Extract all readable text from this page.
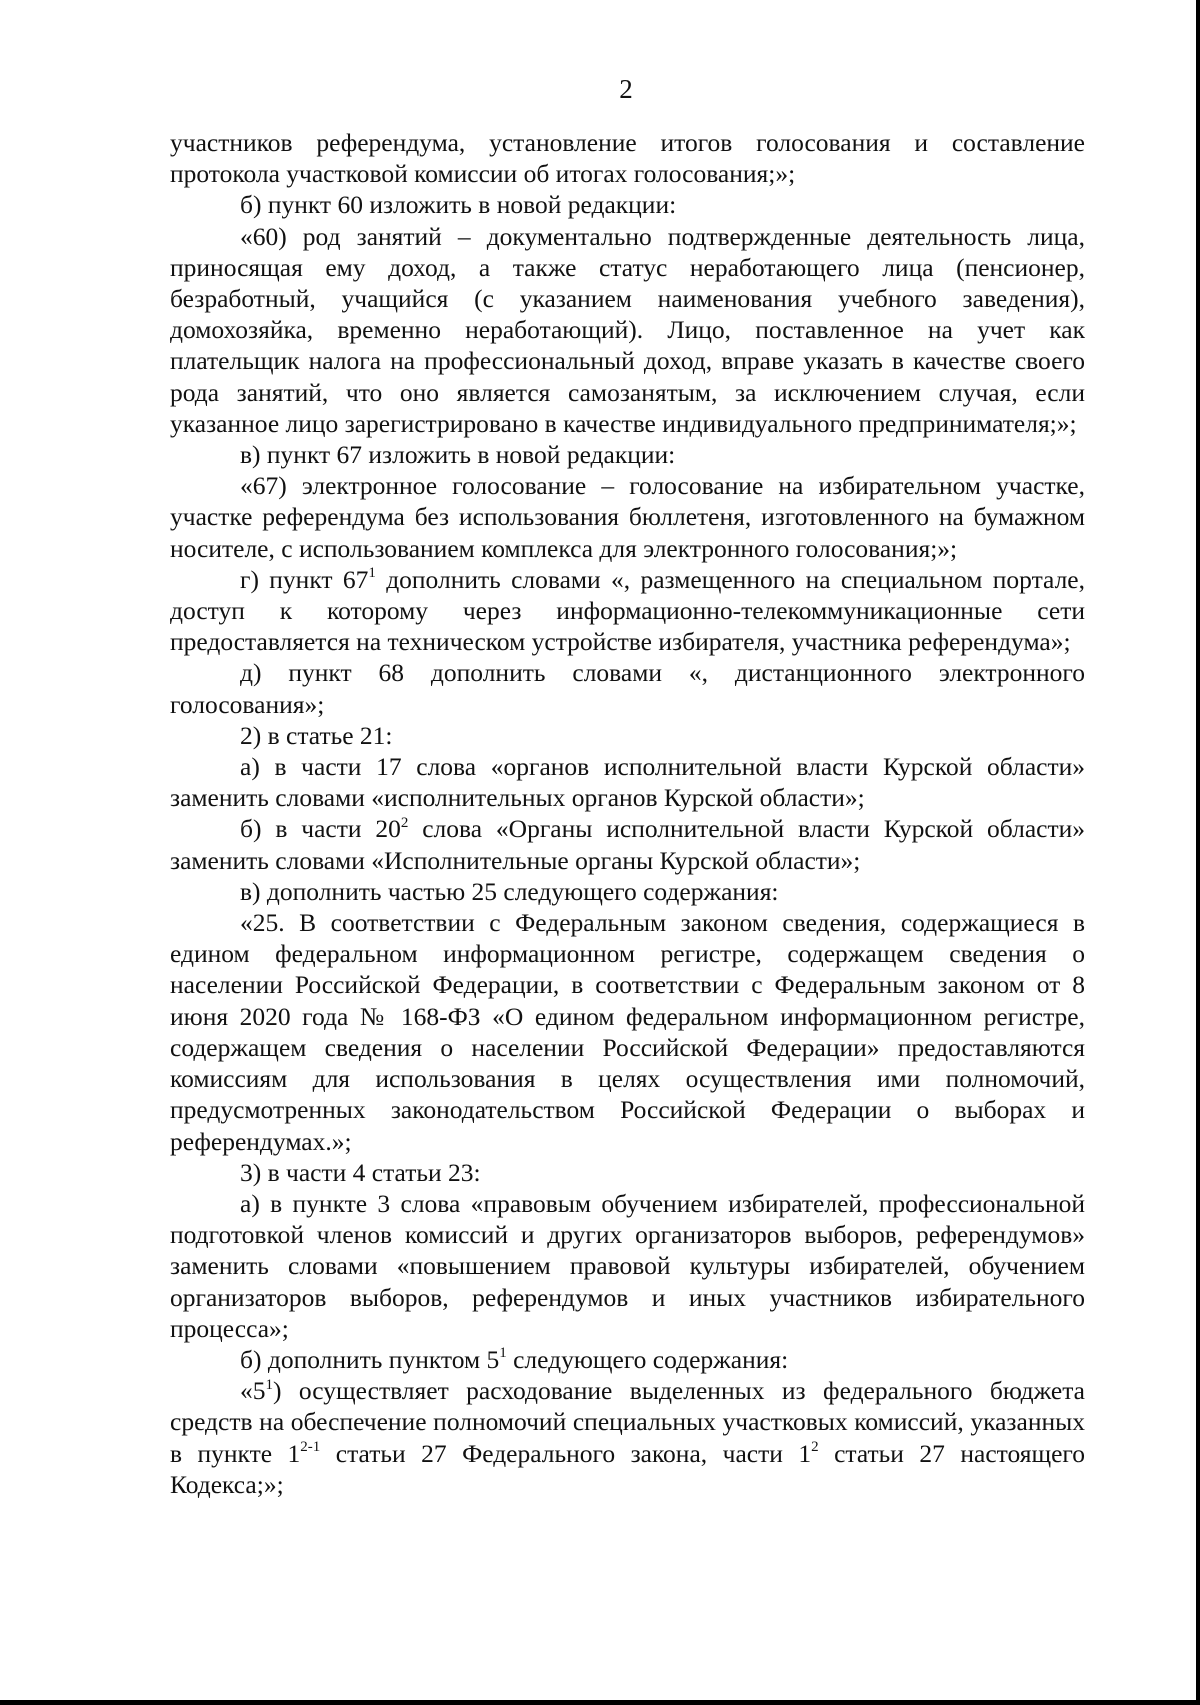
2

участников референдума, установление итогов голосования и составление протокола участковой комиссии об итогах голосования;»;

б) пункт 60 изложить в новой редакции:

«60) род занятий – документально подтвержденные деятельность лица, приносящая ему доход, а также статус неработающего лица (пенсионер, безработный, учащийся (с указанием наименования учебного заведения), домохозяйка, временно неработающий). Лицо, поставленное на учет как плательщик налога на профессиональный доход, вправе указать в качестве своего рода занятий, что оно является самозанятым, за исключением случая, если указанное лицо зарегистрировано в качестве индивидуального предпринимателя;»;

в) пункт 67 изложить в новой редакции:

«67) электронное голосование – голосование на избирательном участке, участке референдума без использования бюллетеня, изготовленного на бумажном носителе, с использованием комплекса для электронного голосования;»;

г) пункт $67^1$ дополнить словами «, размещенного на специальном портале, доступ к которому через информационно-телекоммуникационные сети предоставляется на техническом устройстве избирателя, участника референдума»;

д) пункт 68 дополнить словами «, дистанционного электронного голосования»;

2) в статье 21:

а) в части 17 слова «органов исполнительной власти Курской области» заменить словами «исполнительных органов Курской области»;

б) в части $20^2$ слова «Органы исполнительной власти Курской области» заменить словами «Исполнительные органы Курской области»;

в) дополнить частью 25 следующего содержания:

«25. В соответствии с Федеральным законом сведения, содержащиеся в едином федеральном информационном регистре, содержащем сведения о населении Российской Федерации, в соответствии с Федеральным законом от 8 июня 2020 года № 168-ФЗ «О едином федеральном информационном регистре, содержащем сведения о населении Российской Федерации» предоставляются комиссиям для использования в целях осуществления ими полномочий, предусмотренных законодательством Российской Федерации о выборах и референдумах.»;

3) в части 4 статьи 23:

а) в пункте 3 слова «правовым обучением избирателей, профессиональной подготовкой членов комиссий и других организаторов выборов, референдумов» заменить словами «повышением правовой культуры избирателей, обучением организаторов выборов, референдумов и иных участников избирательного процесса»;

б) дополнить пунктом $5^1$ следующего содержания:

«$5^1$) осуществляет расходование выделенных из федерального бюджета средств на обеспечение полномочий специальных участковых комиссий, указанных в пункте 1$^{2-1}$ статьи 27 Федерального закона, части $1^2$ статьи 27 настоящего Кодекса;»;
